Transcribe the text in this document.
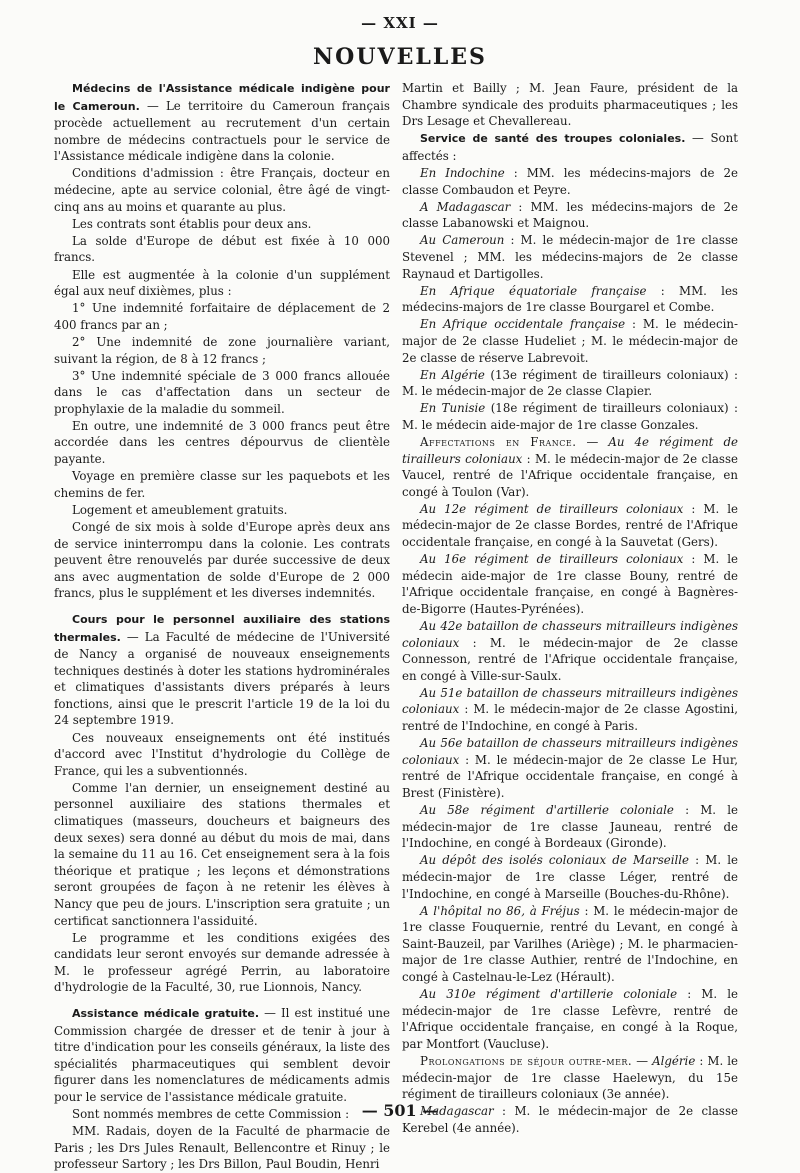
— XXI —
NOUVELLES

Médecins de l'Assistance médicale indigène pour le Cameroun. — Le territoire du Cameroun français procède actuellement au recrutement d'un certain nombre de médecins contractuels pour le service de l'Assistance médicale indigène dans la colonie.

Conditions d'admission : être Français, docteur en médecine, apte au service colonial, être âgé de vingt-cinq ans au moins et quarante au plus.

Les contrats sont établis pour deux ans.

La solde d'Europe de début est fixée à 10 000 francs.

Elle est augmentée à la colonie d'un supplément égal aux neuf dixièmes, plus :

1° Une indemnité forfaitaire de déplacement de 2 400 francs par an ;

2° Une indemnité de zone journalière variant, suivant la région, de 8 à 12 francs ;

3° Une indemnité spéciale de 3 000 francs allouée dans le cas d'affectation dans un secteur de prophylaxie de la maladie du sommeil.

En outre, une indemnité de 3 000 francs peut être accordée dans les centres dépourvus de clientèle payante.

Voyage en première classe sur les paquebots et les chemins de fer.

Logement et ameublement gratuits.

Congé de six mois à solde d'Europe après deux ans de service ininterrompu dans la colonie. Les contrats peuvent être renouvelés par durée successive de deux ans avec augmentation de solde d'Europe de 2 000 francs, plus le supplément et les diverses indemnités.

Cours pour le personnel auxiliaire des stations thermales. — La Faculté de médecine de l'Université de Nancy a organisé de nouveaux enseignements techniques destinés à doter les stations hydrominérales et climatiques d'assistants divers préparés à leurs fonctions, ainsi que le prescrit l'article 19 de la loi du 24 septembre 1919.

Ces nouveaux enseignements ont été institués d'accord avec l'Institut d'hydrologie du Collège de France, qui les a subventionnés.

Comme l'an dernier, un enseignement destiné au personnel auxiliaire des stations thermales et climatiques (masseurs, doucheurs et baigneurs des deux sexes) sera donné au début du mois de mai, dans la semaine du 11 au 16. Cet enseignement sera à la fois théorique et pratique ; les leçons et démonstrations seront groupées de façon à ne retenir les élèves à Nancy que peu de jours. L'inscription sera gratuite ; un certificat sanctionnera l'assiduité.

Le programme et les conditions exigées des candidats leur seront envoyés sur demande adressée à M. le professeur agrégé Perrin, au laboratoire d'hydrologie de la Faculté, 30, rue Lionnois, Nancy.

Assistance médicale gratuite. — Il est institué une Commission chargée de dresser et de tenir à jour à titre d'indication pour les conseils généraux, la liste des spécialités pharmaceutiques qui semblent devoir figurer dans les nomenclatures de médicaments admis pour le service de l'assistance médicale gratuite.

Sont nommés membres de cette Commission :

MM. Radais, doyen de la Faculté de pharmacie de Paris ; les Drs Jules Renault, Bellencontre et Rinuy ; le professeur Sartory ; les Drs Billon, Paul Boudin, Henri

Martin et Bailly ; M. Jean Faure, président de la Chambre syndicale des produits pharmaceutiques ; les Drs Lesage et Chevallereau.

Service de santé des troupes coloniales. — Sont affectés :

En Indochine : MM. les médecins-majors de 2e classe Combaudon et Peyre.

A Madagascar : MM. les médecins-majors de 2e classe Labanowski et Maignou.

Au Cameroun : M. le médecin-major de 1re classe Stevenel ; MM. les médecins-majors de 2e classe Raynaud et Dartigolles.

En Afrique équatoriale française : MM. les médecins-majors de 1re classe Bourgarel et Combe.

En Afrique occidentale française : M. le médecin-major de 2e classe Hudeliet ; M. le médecin-major de 2e classe de réserve Labrevoit.

En Algérie (13e régiment de tirailleurs coloniaux) : M. le médecin-major de 2e classe Clapier.

En Tunisie (18e régiment de tirailleurs coloniaux) : M. le médecin aide-major de 1re classe Gonzales.

Affectations en France. — Au 4e régiment de tirailleurs coloniaux : M. le médecin-major de 2e classe Vaucel, rentré de l'Afrique occidentale française, en congé à Toulon (Var).

Au 12e régiment de tirailleurs coloniaux : M. le médecin-major de 2e classe Bordes, rentré de l'Afrique occidentale française, en congé à la Sauvetat (Gers).

Au 16e régiment de tirailleurs coloniaux : M. le médecin aide-major de 1re classe Bouny, rentré de l'Afrique occidentale française, en congé à Bagnères-de-Bigorre (Hautes-Pyrénées).

Au 42e bataillon de chasseurs mitrailleurs indigènes coloniaux : M. le médecin-major de 2e classe Connesson, rentré de l'Afrique occidentale française, en congé à Ville-sur-Saulx.

Au 51e bataillon de chasseurs mitrailleurs indigènes coloniaux : M. le médecin-major de 2e classe Agostini, rentré de l'Indochine, en congé à Paris.

Au 56e bataillon de chasseurs mitrailleurs indigènes coloniaux : M. le médecin-major de 2e classe Le Hur, rentré de l'Afrique occidentale française, en congé à Brest (Finistère).

Au 58e régiment d'artillerie coloniale : M. le médecin-major de 1re classe Jauneau, rentré de l'Indochine, en congé à Bordeaux (Gironde).

Au dépôt des isolés coloniaux de Marseille : M. le médecin-major de 1re classe Léger, rentré de l'Indochine, en congé à Marseille (Bouches-du-Rhône).

A l'hôpital no 86, à Fréjus : M. le médecin-major de 1re classe Fouquernie, rentré du Levant, en congé à Saint-Bauzeil, par Varilhes (Ariège) ; M. le pharmacien-major de 1re classe Authier, rentré de l'Indochine, en congé à Castelnau-le-Lez (Hérault).

Au 310e régiment d'artillerie coloniale : M. le médecin-major de 1re classe Lefèvre, rentré de l'Afrique occidentale française, en congé à la Roque, par Montfort (Vaucluse).

Prolongations de séjour outre-mer. — Algérie : M. le médecin-major de 1re classe Haelewyn, du 15e régiment de tirailleurs coloniaux (3e année).

Madagascar : M. le médecin-major de 2e classe Kerebel (4e année).

— 501 —
